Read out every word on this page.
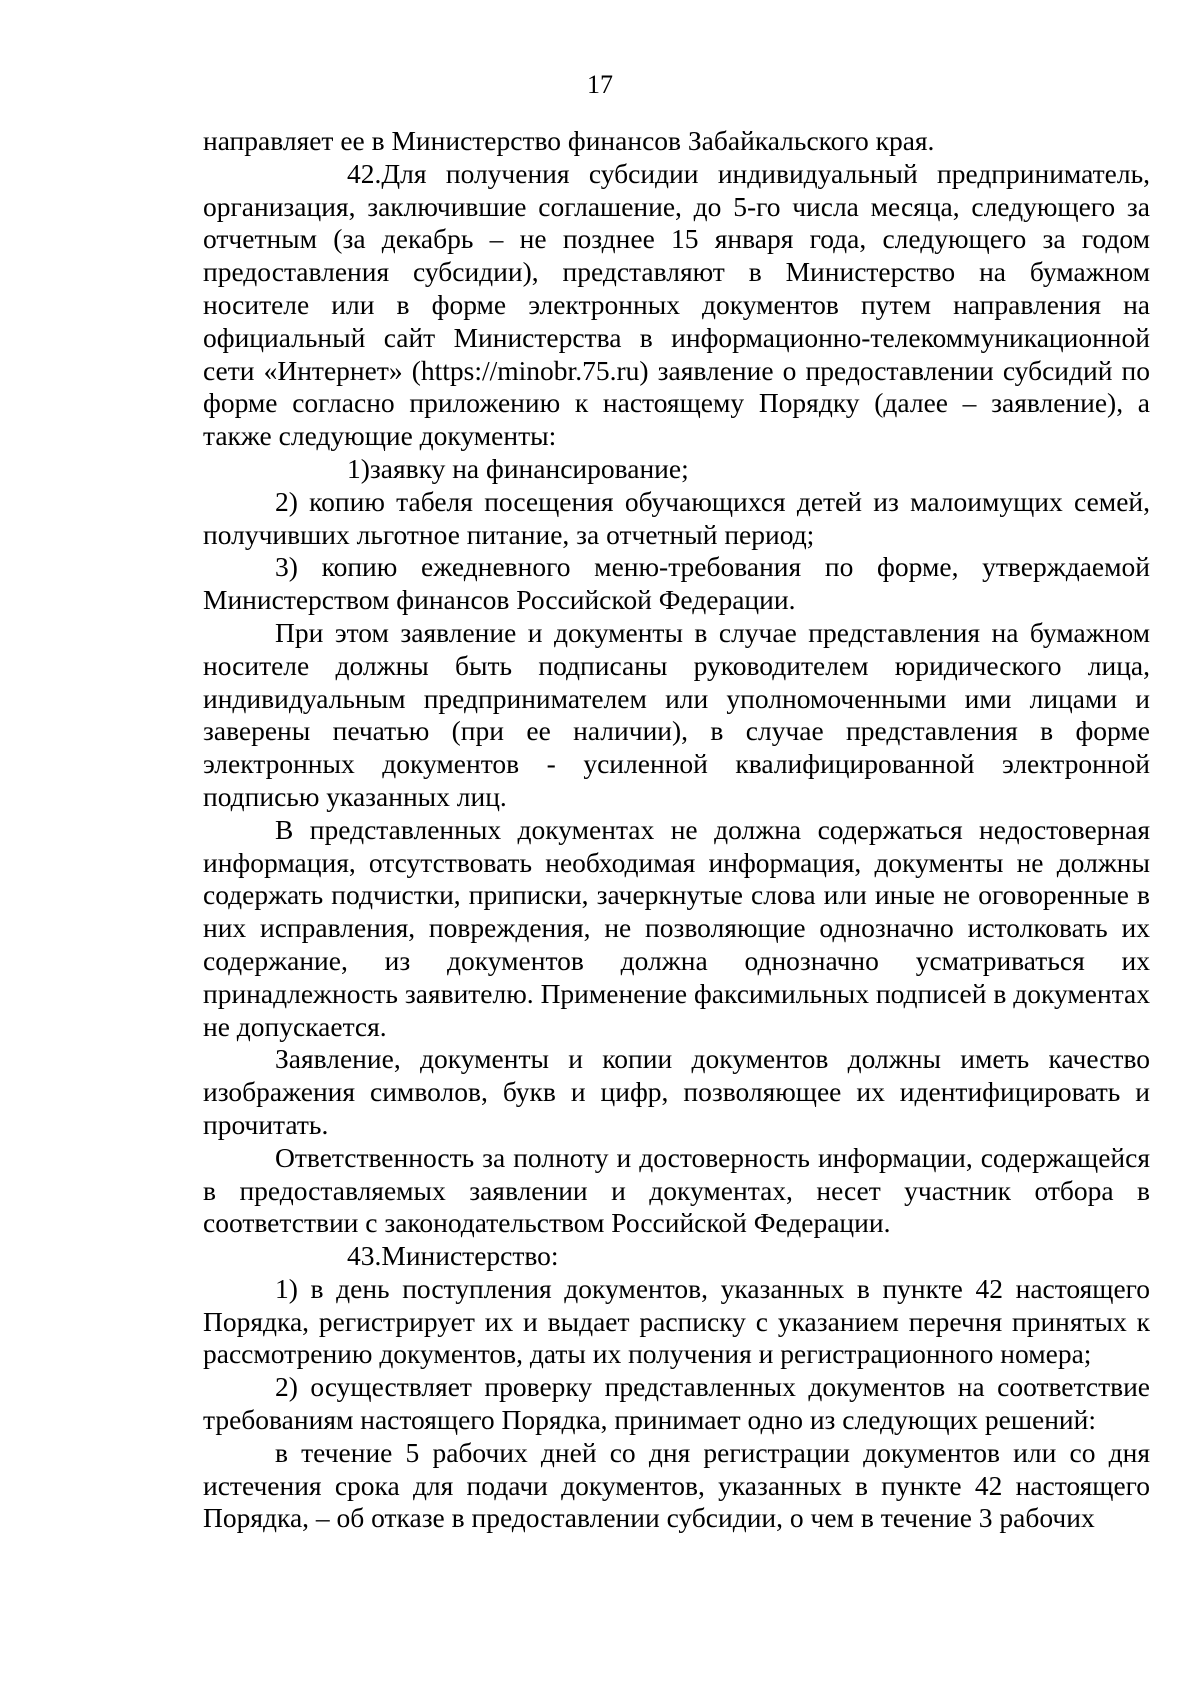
17

направляет ее в Министерство финансов Забайкальского края.

42.Для получения субсидии индивидуальный предприниматель, организация, заключившие соглашение, до 5-го числа месяца, следующего за отчетным (за декабрь – не позднее 15 января года, следующего за годом предоставления субсидии), представляют в Министерство на бумажном носителе или в форме электронных документов путем направления на официальный сайт Министерства в информационно-телекоммуникационной сети «Интернет» (https://minobr.75.ru) заявление о предоставлении субсидий по форме согласно приложению к настоящему Порядку (далее – заявление), а также следующие документы:

1)заявку на финансирование;

2) копию табеля посещения обучающихся детей из малоимущих семей, получивших льготное питание, за отчетный период;

3) копию ежедневного меню-требования по форме, утверждаемой Министерством финансов Российской Федерации.

При этом заявление и документы в случае представления на бумажном носителе должны быть подписаны руководителем юридического лица, индивидуальным предпринимателем или уполномоченными ими лицами и заверены печатью (при ее наличии), в случае представления в форме электронных документов - усиленной квалифицированной электронной подписью указанных лиц.

В представленных документах не должна содержаться недостоверная информация, отсутствовать необходимая информация, документы не должны содержать подчистки, приписки, зачеркнутые слова или иные не оговоренные в них исправления, повреждения, не позволяющие однозначно истолковать их содержание, из документов должна однозначно усматриваться их принадлежность заявителю. Применение факсимильных подписей в документах не допускается.

Заявление, документы и копии документов должны иметь качество изображения символов, букв и цифр, позволяющее их идентифицировать и прочитать.

Ответственность за полноту и достоверность информации, содержащейся в предоставляемых заявлении и документах, несет участник отбора в соответствии с законодательством Российской Федерации.

43.Министерство:

1) в день поступления документов, указанных в пункте 42 настоящего Порядка, регистрирует их и выдает расписку с указанием перечня принятых к рассмотрению документов, даты их получения и регистрационного номера;

2) осуществляет проверку представленных документов на соответствие требованиям настоящего Порядка, принимает одно из следующих решений:

в течение 5 рабочих дней со дня регистрации документов или со дня истечения срока для подачи документов, указанных в пункте 42 настоящего Порядка, – об отказе в предоставлении субсидии, о чем в течение 3 рабочих
